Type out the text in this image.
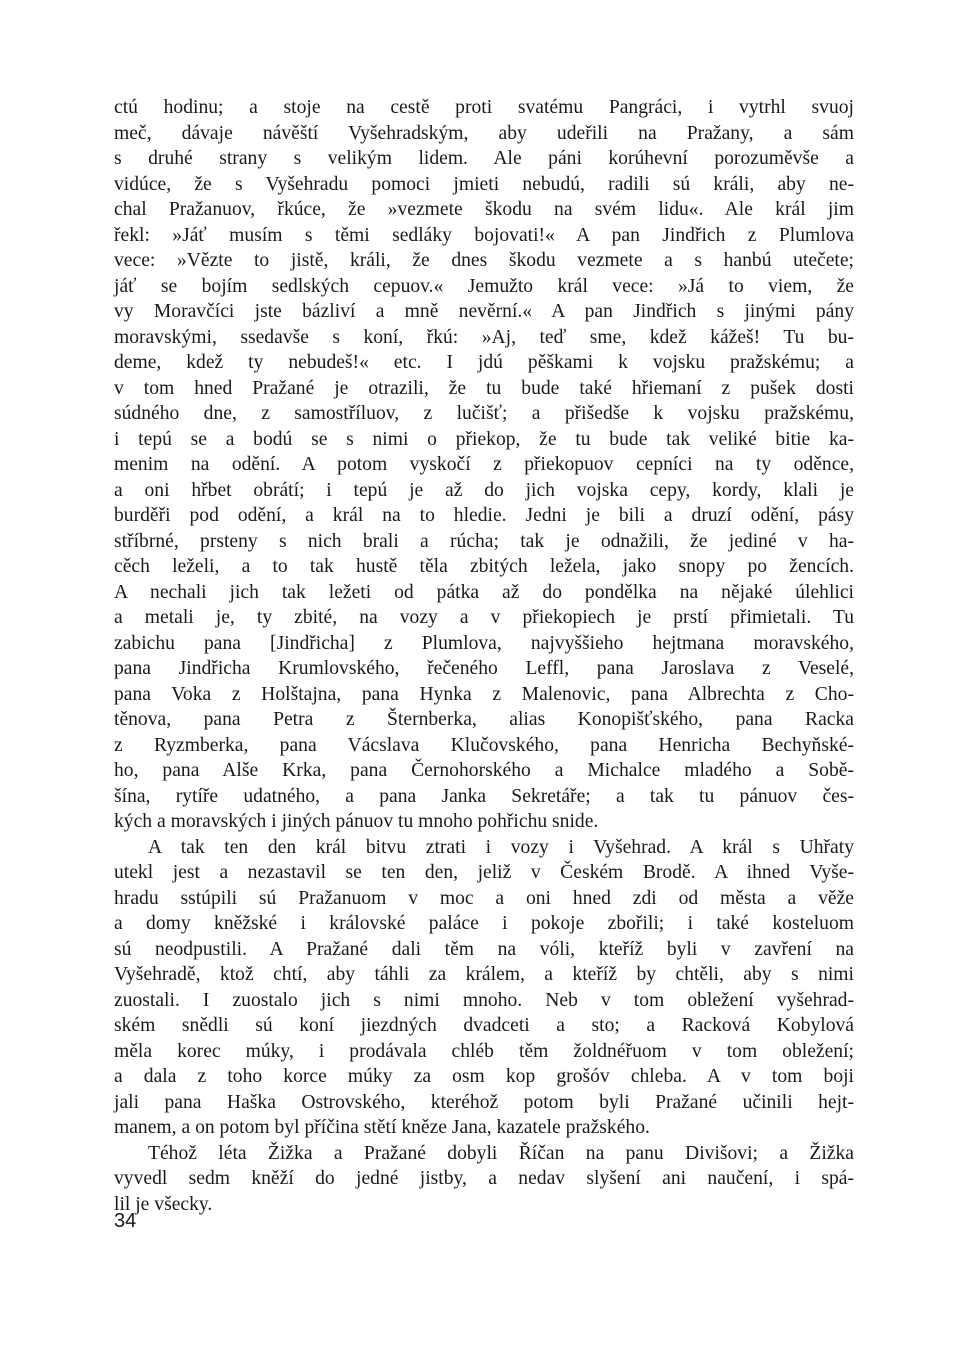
ctú hodinu; a stoje na cestě proti svatému Pangráci, i vytrhl svuoj
meč, dávaje návěští Vyšehradským, aby udeřili na Pražany, a sám
s druhé strany s velikým lidem. Ale páni korúhevní porozuměvše a
vidúce, že s Vyšehradu pomoci jmieti nebudú, radili sú králi, aby ne-
chal Pražanuov, řkúce, že »vezmete škodu na svém lidu«. Ale král jim
řekl: »Jáť musím s těmi sedláky bojovati!« A pan Jindřich z Plumlova
vece: »Vězte to jistě, králi, že dnes škodu vezmete a s hanbú utečete;
jáť se bojím sedlských cepuov.« Jemužto král vece: »Já to viem, že
vy Moravčíci jste bázliví a mně nevěrní.« A pan Jindřich s jinými pány
moravskými, ssedavše s koní, řkú: »Aj, teď sme, kdež kážeš! Tu bu-
deme, kdež ty nebudeš!« etc. I jdú pěškami k vojsku pražskému; a
v tom hned Pražané je otrazili, že tu bude také hřiemaní z pušek dosti
súdného dne, z samostříluov, z lučišť; a přišedše k vojsku pražskému,
i tepú se a bodú se s nimi o přiekop, že tu bude tak veliké bitie ka-
menim na odění. A potom vyskočí z přiekopuov cepníci na ty oděnce,
a oni hřbet obrátí; i tepú je až do jich vojska cepy, kordy, klali je
burděři pod odění, a král na to hledie. Jedni je bili a druzí odění, pásy
stříbrné, prsteny s nich brali a rúcha; tak je odnažili, že jediné v ha-
cěch leželi, a to tak hustě těla zbitých ležela, jako snopy po žencích.
A nechali jich tak ležeti od pátka až do pondělka na nějaké úlehlici
a metali je, ty zbité, na vozy a v přiekopiech je prstí přimietali. Tu
zabichu pana [Jindřicha] z Plumlova, najvyššieho hejtmana moravského,
pana Jindřicha Krumlovského, řečeného Leffl, pana Jaroslava z Veselé,
pana Voka z Holštajna, pana Hynka z Malenovic, pana Albrechta z Cho-
těnova, pana Petra z Šternberka, alias Konopišťského, pana Racka
z Ryzmberka, pana Vácslava Klučovského, pana Henricha Bechyňské-
ho, pana Alše Krka, pana Černohorského a Michalce mladého a Sobě-
šína, rytíře udatného, a pana Janka Sekretáře; a tak tu pánuov čes-
kých a moravských i jiných pánuov tu mnoho pohřichu snide.
A tak ten den král bitvu ztrati i vozy i Vyšehrad. A král s Uhřaty
utekl jest a nezastavil se ten den, jeliž v Českém Brodě. A ihned Vyše-
hradu sstúpili sú Pražanuom v moc a oni hned zdi od města a věže
a domy kněžské i královské paláce i pokoje zbořili; i také kosteluom
sú neodpustili. A Pražané dali těm na vóli, kteříž byli v zavření na
Vyšehradě, ktož chtí, aby táhli za králem, a kteříž by chtěli, aby s nimi
zuostali. I zuostalo jich s nimi mnoho. Neb v tom obležení vyšehrad-
ském snědli sú koní jiezdných dvadceti a sto; a Racková Kobylová
měla korec múky, i prodávala chléb těm žoldnéřuom v tom obležení;
a dala z toho korce múky za osm kop grošóv chleba. A v tom boji
jali pana Haška Ostrovského, kteréhož potom byli Pražané učinili hejt-
manem, a on potom byl příčina stětí kněze Jana, kazatele pražského.
Téhož léta Žižka a Pražané dobyli Říčan na panu Divišovi; a Žižka
vyvedl sedm kněží do jedné jistby, a nedav slyšení ani naučení, i spá-
lil je všecky.
34
